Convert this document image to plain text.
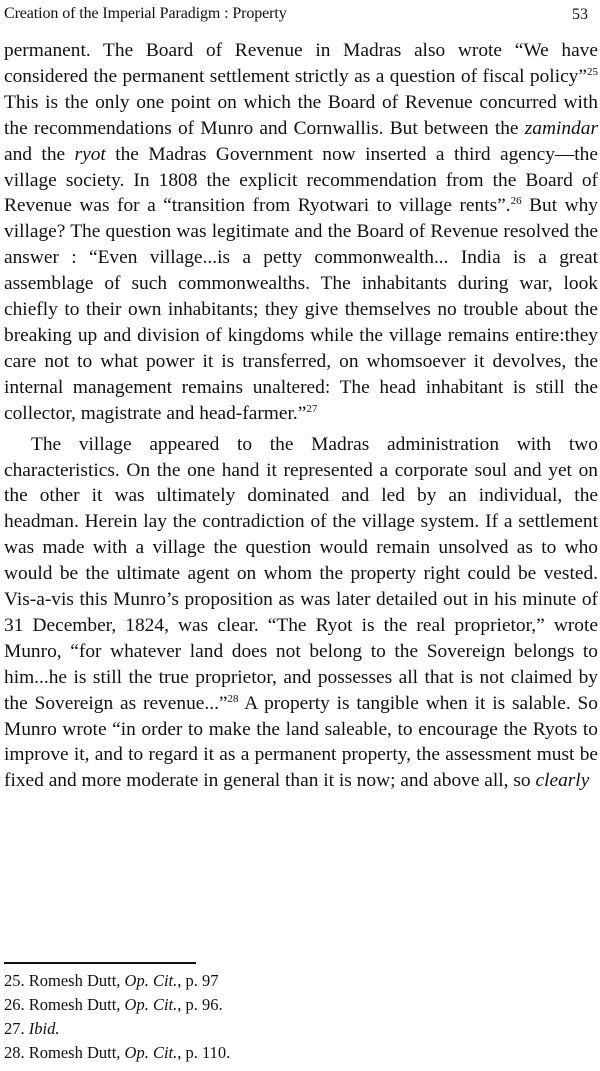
Creation of the Imperial Paradigm : Property	53

permanent. The Board of Revenue in Madras also wrote “We have considered the permanent settlement strictly as a question of fiscal policy”$^{25}$ This is the only one point on which the Board of Revenue concurred with the recommendations of Munro and Cornwallis. But between the zamindar and the ryot the Madras Government now inserted a third agency—the village society. In 1808 the explicit recommendation from the Board of Revenue was for a “transition from Ryotwari to village rents”.$^{26}$ But why village? The question was legitimate and the Board of Revenue resolved the answer : “Even village...is a petty commonwealth... India is a great assemblage of such commonwealths. The inhabitants during war, look chiefly to their own inhabitants; they give themselves no trouble about the breaking up and division of kingdoms while the village remains entire:they care not to what power it is transferred, on whomsoever it devolves, the internal management remains unaltered: The head inhabitant is still the collector, magistrate and head-farmer.”$^{27}$

The village appeared to the Madras administration with two characteristics. On the one hand it represented a corporate soul and yet on the other it was ultimately dominated and led by an individual, the headman. Herein lay the contradiction of the village system. If a settlement was made with a village the question would remain unsolved as to who would be the ultimate agent on whom the property right could be vested. Vis-a-vis this Munro’s proposition as was later detailed out in his minute of 31 December, 1824, was clear. “The Ryot is the real proprietor,” wrote Munro, “for whatever land does not belong to the Sovereign belongs to him...he is still the true proprietor, and possesses all that is not claimed by the Sovereign as revenue...”$^{28}$ A property is tangible when it is salable. So Munro wrote “in order to make the land saleable, to encourage the Ryots to improve it, and to regard it as a permanent property, the assessment must be fixed and more moderate in general than it is now; and above all, so clearly

25. Romesh Dutt, Op. Cit., p. 97
26. Romesh Dutt, Op. Cit., p. 96.
27. Ibid.
28. Romesh Dutt, Op. Cit., p. 110.
